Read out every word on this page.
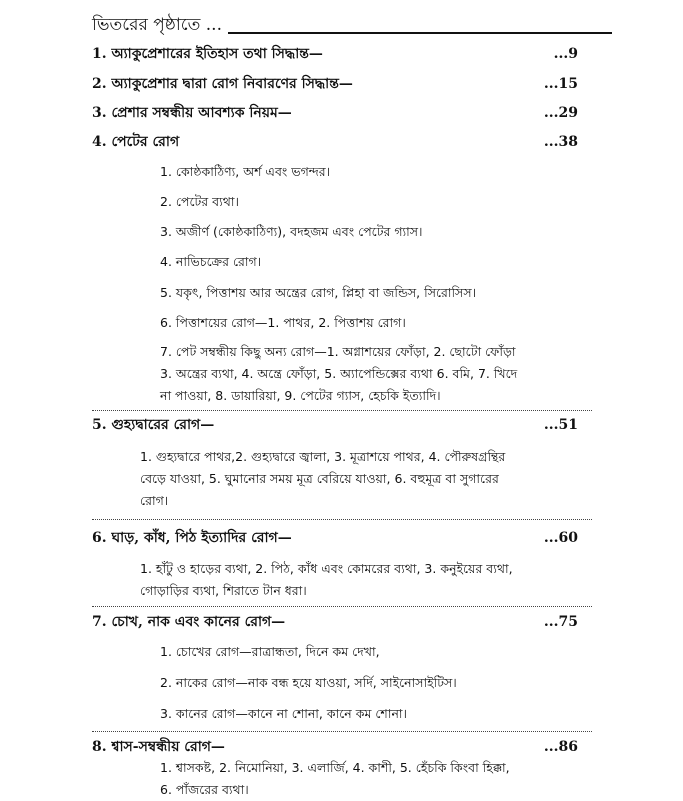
ভিতরের পৃষ্ঠাতে ...
1. অ্যাকুপ্রেশারের ইতিহাস তথা সিদ্ধান্ত—	...9
2. অ্যাকুপ্রেশার দ্বারা রোগ নিবারণের সিদ্ধান্ত—	...15
3. প্রেশার সম্বন্ধীয় আবশ্যক নিয়ম—	...29
4. পেটের রোগ	...38
1. কোষ্ঠকাঠিণ্য, অর্শ এবং ভগন্দর।
2. পেটের ব্যথা।
3. অজীর্ণ (কোষ্ঠকাঠিণ্য), বদহজম এবং পেটের গ্যাস।
4. নাভিচক্রের রোগ।
5. যকৃৎ, পিত্তাশয় আর অন্ত্রের রোগ, প্লিহা বা জন্ডিস, সিরোসিস।
6. পিত্তাশয়ের রোগ—1. পাথর, 2. পিত্তাশয় রোগ।
7. পেট সম্বন্ধীয় কিছু অন্য রোগ—1. অগ্নাশয়ের ফোঁড়া, 2. ছোটো ফোঁড়া
3. অন্ত্রের ব্যথা, 4. অন্ত্রে ফোঁড়া, 5. অ্যাপেন্ডিক্সের ব্যথা 6. বমি, 7. খিদে
না পাওয়া, 8. ডায়ারিয়া, 9. পেটের গ্যাস, হেচকি ইত্যাদি।
5. গুহ্যদ্বারের রোগ—	...51
1. গুহ্যদ্বারে পাথর,2. গুহ্যদ্বারে জ্বালা, 3. মূত্রাশয়ে পাথর, 4. পৌরুষগ্রন্থির
বেড়ে যাওয়া, 5. ঘুমানোর সময় মূত্র বেরিয়ে যাওয়া, 6. বহুমূত্র বা সুগারের
রোগ।
6. ঘাড়, কাঁধ, পিঠ ইত্যাদির রোগ—	...60
1. হাঁটু ও হাড়ের ব্যথা, 2. পিঠ, কাঁধ এবং কোমরের ব্যথা, 3. কনুইয়ের ব্যথা,
গোড়াড়ির ব্যথা, শিরাতে টান ধরা।
7. চোখ, নাক এবং কানের রোগ—	...75
1. চোখের রোগ—রাত্রান্ধতা, দিনে কম দেখা,
2. নাকের রোগ—নাক বন্ধ হয়ে যাওয়া, সর্দি, সাইনোসাইটিস।
3. কানের রোগ—কানে না শোনা, কানে কম শোনা।
8. শ্বাস-সম্বন্ধীয় রোগ—	...86
1. শ্বাসকষ্ট, 2. নিমোনিয়া, 3. এলার্জি, 4. কাশী, 5. হেঁচকি কিংবা হিক্কা,
6. পাঁজরের ব্যথা।
